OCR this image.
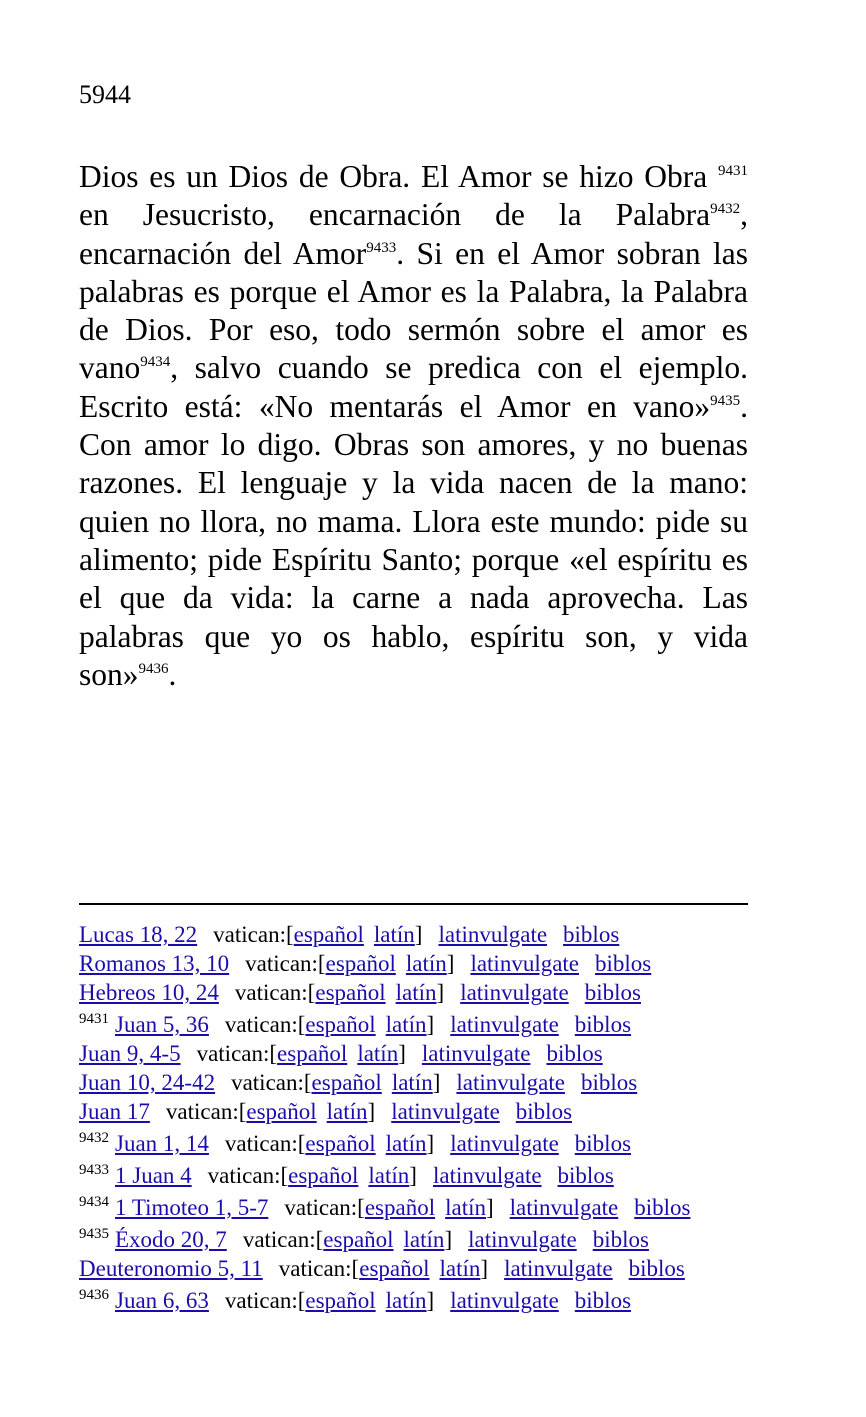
5944
Dios es un Dios de Obra. El Amor se hizo Obra $^{9431}$ en Jesucristo, encarnación de la Palabra$^{9432}$, encarnación del Amor$^{9433}$. Si en el Amor sobran las palabras es porque el Amor es la Palabra, la Palabra de Dios. Por eso, todo sermón sobre el amor es vano$^{9434}$, salvo cuando se predica con el ejemplo. Escrito está: «No mentarás el Amor en vano»$^{9435}$. Con amor lo digo. Obras son amores, y no buenas razones. El lenguaje y la vida nacen de la mano: quien no llora, no mama. Llora este mundo: pide su alimento; pide Espíritu Santo; porque «el espíritu es el que da vida: la carne a nada aprovecha. Las palabras que yo os hablo, espíritu son, y vida son»$^{9436}$.
Lucas 18, 22 vatican:[español latín] latinvulgate biblos
Romanos 13, 10 vatican:[español latín] latinvulgate biblos
Hebreos 10, 24 vatican:[español latín] latinvulgate biblos
$^{9431}$ Juan 5, 36 vatican:[español latín] latinvulgate biblos
Juan 9, 4-5 vatican:[español latín] latinvulgate biblos
Juan 10, 24-42 vatican:[español latín] latinvulgate biblos
Juan 17 vatican:[español latín] latinvulgate biblos
$^{9432}$ Juan 1, 14 vatican:[español latín] latinvulgate biblos
$^{9433}$ 1 Juan 4 vatican:[español latín] latinvulgate biblos
$^{9434}$ 1 Timoteo 1, 5-7 vatican:[español latín] latinvulgate biblos
$^{9435}$ Éxodo 20, 7 vatican:[español latín] latinvulgate biblos
Deuteronomio 5, 11 vatican:[español latín] latinvulgate biblos
$^{9436}$ Juan 6, 63 vatican:[español latín] latinvulgate biblos
